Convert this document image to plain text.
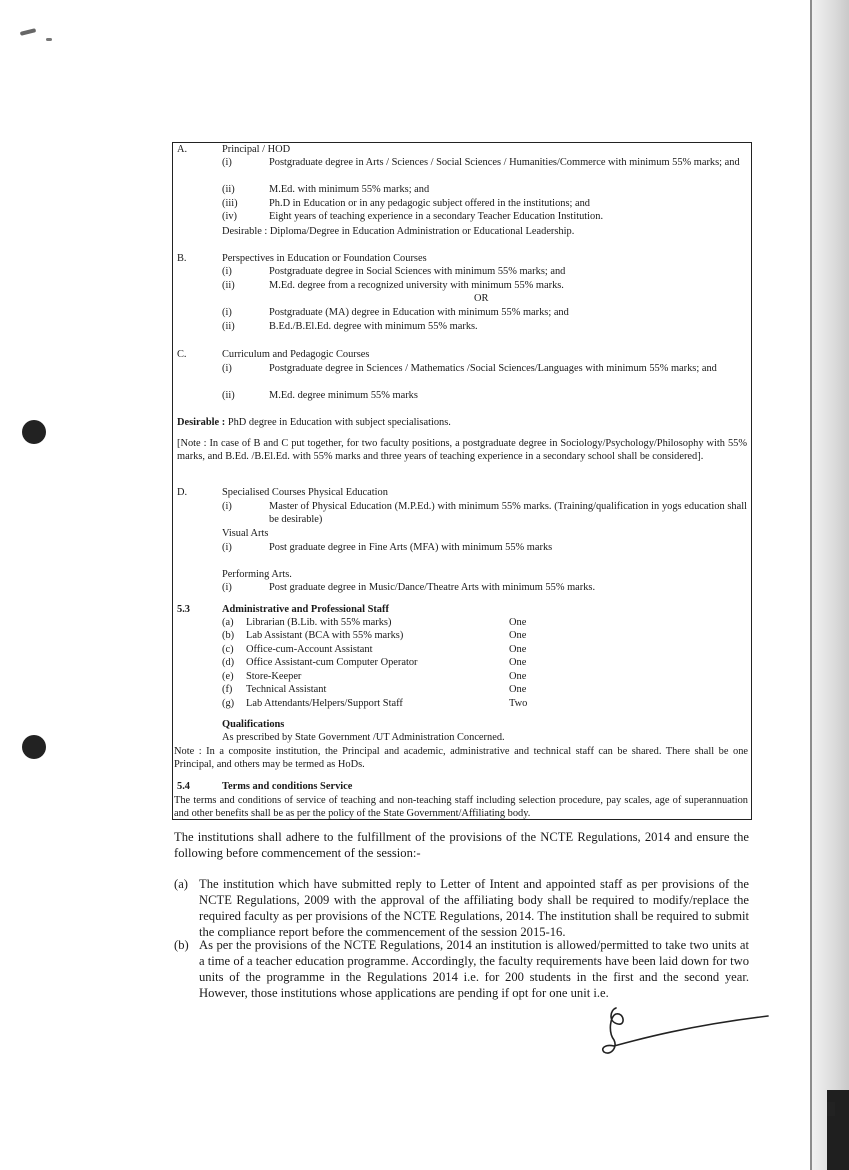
A.	Principal / HOD
(i)	Postgraduate degree in Arts / Sciences / Social Sciences / Humanities/Commerce with minimum 55% marks; and
(ii)	M.Ed. with minimum 55% marks; and
(iii)	Ph.D in Education or in any pedagogic subject offered in the institutions; and
(iv)	Eight years of teaching experience in a secondary Teacher Education Institution.
Desirable : Diploma/Degree in Education Administration or Educational Leadership.
B.	Perspectives in Education or Foundation Courses
(i)	Postgraduate degree in Social Sciences with minimum 55% marks; and
(ii)	M.Ed. degree from a recognized university with minimum 55% marks.
OR
(i)	Postgraduate (MA) degree in Education with minimum 55% marks; and
(ii)	B.Ed./B.El.Ed. degree with minimum 55% marks.
C.	Curriculum and Pedagogic Courses
(i)	Postgraduate degree in Sciences / Mathematics /Social Sciences/Languages with minimum 55% marks; and
(ii)	M.Ed. degree minimum 55% marks
Desirable : PhD degree in Education with subject specialisations.
[Note : In case of B and C put together, for two faculty positions, a postgraduate degree in Sociology/Psychology/Philosophy with 55% marks, and B.Ed. /B.El.Ed. with 55% marks and three years of teaching experience in a secondary school shall be considered].
D.	Specialised Courses Physical Education
(i)	Master of Physical Education (M.P.Ed.) with minimum 55% marks. (Training/qualification in yogs education shall be desirable)
Visual Arts
(i)	Post graduate degree in Fine Arts (MFA) with minimum 55% marks
Performing Arts.
(i)	Post graduate degree in Music/Dance/Theatre Arts with minimum 55% marks.
5.3	Administrative and Professional Staff
(a) Librarian (B.Lib. with 55% marks)	One
(b) Lab Assistant (BCA with 55% marks)	One
(c) Office-cum-Account Assistant	One
(d) Office Assistant-cum Computer Operator	One
(e) Store-Keeper	One
(f) Technical Assistant	One
(g) Lab Attendants/Helpers/Support Staff	Two
Qualifications
As prescribed by State Government /UT Administration Concerned.
Note : In a composite institution, the Principal and academic, administrative and technical staff can be shared. There shall be one Principal, and others may be termed as HoDs.
5.4	Terms and conditions Service
The terms and conditions of service of teaching and non-teaching staff including selection procedure, pay scales, age of superannuation and other benefits shall be as per the policy of the State Government/Affiliating body.
The institutions shall adhere to the fulfillment of the provisions of the NCTE Regulations, 2014 and ensure the following before commencement of the session:-
(a) The institution which have submitted reply to Letter of Intent and appointed staff as per provisions of the NCTE Regulations, 2009 with the approval of the affiliating body shall be required to modify/replace the required faculty as per provisions of the NCTE Regulations, 2014. The institution shall be required to submit the compliance report before the commencement of the session 2015-16.
(b) As per the provisions of the NCTE Regulations, 2014 an institution is allowed/permitted to take two units at a time of a teacher education programme. Accordingly, the faculty requirements have been laid down for two units of the programme in the Regulations 2014 i.e. for 200 students in the first and the second year. However, those institutions whose applications are pending if opt for one unit i.e.
